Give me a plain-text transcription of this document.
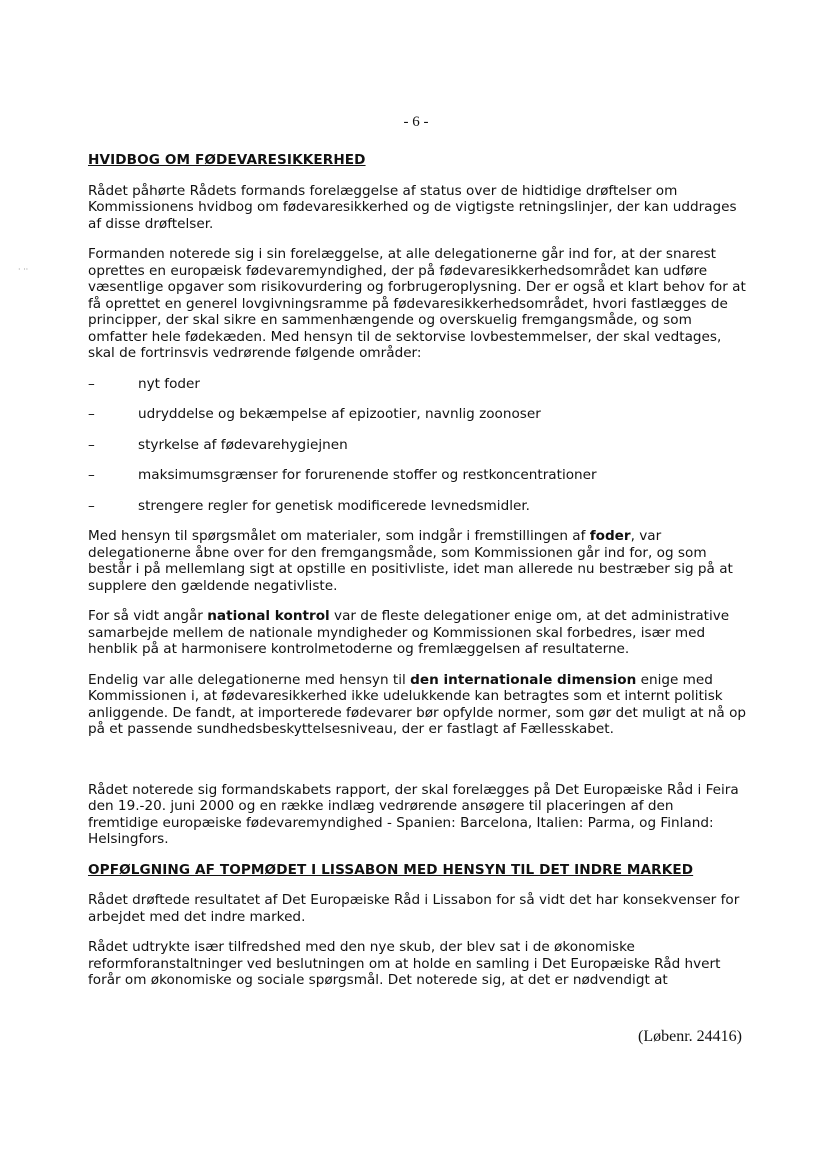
- 6 -
· ··
HVIDBOG OM FØDEVARESIKKERHED

Rådet påhørte Rådets formands forelæggelse af status over de hidtidige drøftelser om Kommissionens hvidbog om fødevaresikkerhed og de vigtigste retningslinjer, der kan uddrages af disse drøftelser.

Formanden noterede sig i sin forelæggelse, at alle delegationerne går ind for, at der snarest oprettes en europæisk fødevaremyndighed, der på fødevaresikkerhedsområdet kan udføre væsentlige opgaver som risikovurdering og forbrugeroplysning. Der er også et klart behov for at få oprettet en generel lovgivningsramme på fødevaresikkerhedsområdet, hvori fastlægges de principper, der skal sikre en sammenhængende og overskuelig fremgangsmåde, og som omfatter hele fødekæden. Med hensyn til de sektorvise lovbestemmelser, der skal vedtages, skal de fortrinsvis vedrørende følgende områder:

–	nyt foder
–	udryddelse og bekæmpelse af epizootier, navnlig zoonoser
–	styrkelse af fødevarehygiejnen
–	maksimumsgrænser for forurenende stoffer og restkoncentrationer
–	strengere regler for genetisk modificerede levnedsmidler.

Med hensyn til spørgsmålet om materialer, som indgår i fremstillingen af foder, var delegationerne åbne over for den fremgangsmåde, som Kommissionen går ind for, og som består i på mellemlang sigt at opstille en positivliste, idet man allerede nu bestræber sig på at supplere den gældende negativliste.

For så vidt angår national kontrol var de fleste delegationer enige om, at det administrative samarbejde mellem de nationale myndigheder og Kommissionen skal forbedres, især med henblik på at harmonisere kontrolmetoderne og fremlæggelsen af resultaterne.

Endelig var alle delegationerne med hensyn til den internationale dimension enige med Kommissionen i, at fødevaresikkerhed ikke udelukkende kan betragtes som et internt politisk anliggende. De fandt, at importerede fødevarer bør opfylde normer, som gør det muligt at nå op på et passende sundhedsbeskyttelsesniveau, der er fastlagt af Fællesskabet.

Rådet noterede sig formandskabets rapport, der skal forelægges på Det Europæiske Råd i Feira den 19.-20. juni 2000 og en række indlæg vedrørende ansøgere til placeringen af den fremtidige europæiske fødevaremyndighed - Spanien: Barcelona, Italien: Parma, og Finland: Helsingfors.

OPFØLGNING AF TOPMØDET I LISSABON MED HENSYN TIL DET INDRE MARKED

Rådet drøftede resultatet af Det Europæiske Råd i Lissabon for så vidt det har konsekvenser for arbejdet med det indre marked.

Rådet udtrykte især tilfredshed med den nye skub, der blev sat i de økonomiske reformforanstaltninger ved beslutningen om at holde en samling i Det Europæiske Råd hvert forår om økonomiske og sociale spørgsmål. Det noterede sig, at det er nødvendigt at

(Løbenr. 24416)
